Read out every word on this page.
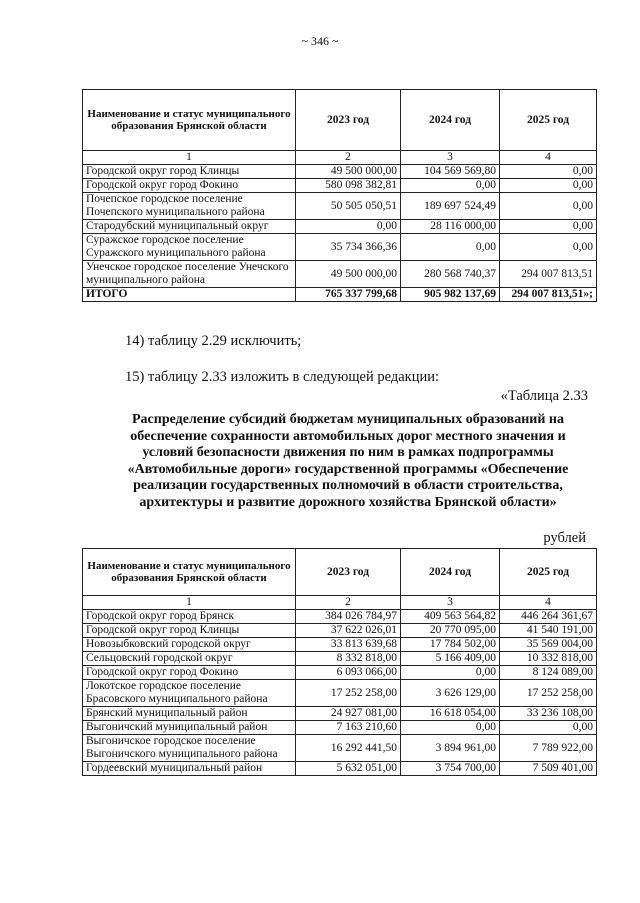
~ 346 ~
Наименование и статус муниципального образования Брянской области	2023 год	2024 год	2025 год
1	2	3	4
Городской округ город Клинцы	49 500 000,00	104 569 569,80	0,00
Городской округ город Фокино	580 098 382,81	0,00	0,00
Почепское городское поселение Почепского муниципального района	50 505 050,51	189 697 524,49	0,00
Стародубский муниципальный округ	0,00	28 116 000,00	0,00
Суражское городское поселение Суражского муниципального района	35 734 366,36	0,00	0,00
Унечское городское поселение Унечского муниципального района	49 500 000,00	280 568 740,37	294 007 813,51
ИТОГО	765 337 799,68	905 982 137,69	294 007 813,51»;
14) таблицу 2.29 исключить;
15) таблицу 2.33 изложить в следующей редакции:
«Таблица 2.33
Распределение субсидий бюджетам муниципальных образований на обеспечение сохранности автомобильных дорог местного значения и условий безопасности движения по ним в рамках подпрограммы «Автомобильные дороги» государственной программы «Обеспечение реализации государственных полномочий в области строительства, архитектуры и развитие дорожного хозяйства Брянской области»
рублей
Наименование и статус муниципального образования Брянской области	2023 год	2024 год	2025 год
1	2	3	4
Городской округ город Брянск	384 026 784,97	409 563 564,82	446 264 361,67
Городской округ город Клинцы	37 622 026,01	20 770 095,00	41 540 191,00
Новозыбковский городской округ	33 813 639,68	17 784 502,00	35 569 004,00
Сельцовский городской округ	8 332 818,00	5 166 409,00	10 332 818,00
Городской округ город Фокино	6 093 066,00	0,00	8 124 089,00
Локотское городское поселение Брасовского муниципального района	17 252 258,00	3 626 129,00	17 252 258,00
Брянский муниципальный район	24 927 081,00	16 618 054,00	33 236 108,00
Выгоничский муниципальный район	7 163 210,60	0,00	0,00
Выгоничское городское поселение Выгоничского муниципального района	16 292 441,50	3 894 961,00	7 789 922,00
Гордеевский муниципальный район	5 632 051,00	3 754 700,00	7 509 401,00
